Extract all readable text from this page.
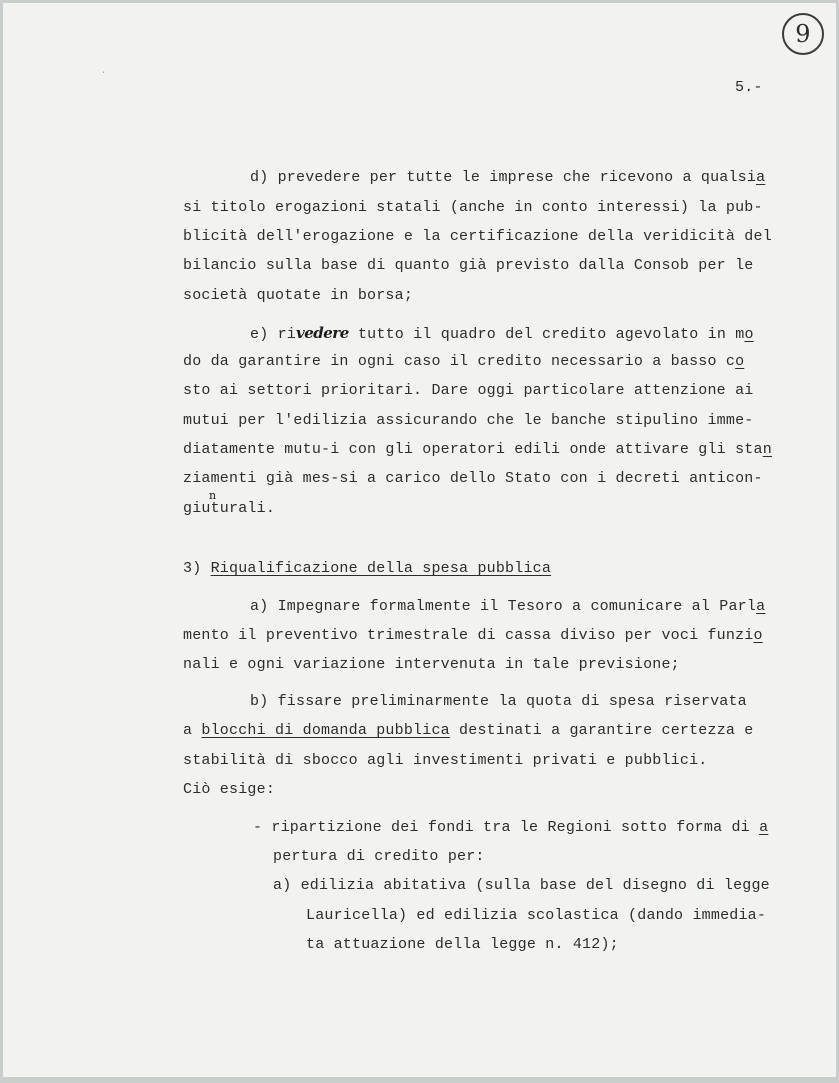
9
ˈ
5.-
d) prevedere per tutte le imprese che ricevono a qualsia
si titolo erogazioni statali (anche in conto interessi) la pub-
blicità dell'erogazione e la certificazione della veridicità del
bilancio sulla base di quanto già previsto dalla Consob per le
società quotate in borsa;
e) rivedere tutto il quadro del credito agevolato in mo
do da garantire in ogni caso il credito necessario a basso co
sto ai settori prioritari. Dare oggi particolare attenzione ai
mutui per l'edilizia assicurando che le banche stipulino imme-
diatamente mutu-i con gli operatori edili onde attivare gli stan
ziamenti già mes-si a carico dello Stato con i decreti anticon-
n
giuturali.
3) Riqualificazione della spesa pubblica
a) Impegnare formalmente il Tesoro a comunicare al Parla
mento il preventivo trimestrale di cassa diviso per voci funzio
nali e ogni variazione intervenuta in tale previsione;
b) fissare preliminarmente la quota di spesa riservata
a blocchi di domanda pubblica destinati a garantire certezza e
stabilità di sbocco agli investimenti privati e pubblici.
Ciò esige:
- ripartizione dei fondi tra le Regioni sotto forma di a
pertura di credito per:
a) edilizia abitativa (sulla base del disegno di legge
Lauricella) ed edilizia scolastica (dando immedia-
ta attuazione della legge n. 412);
